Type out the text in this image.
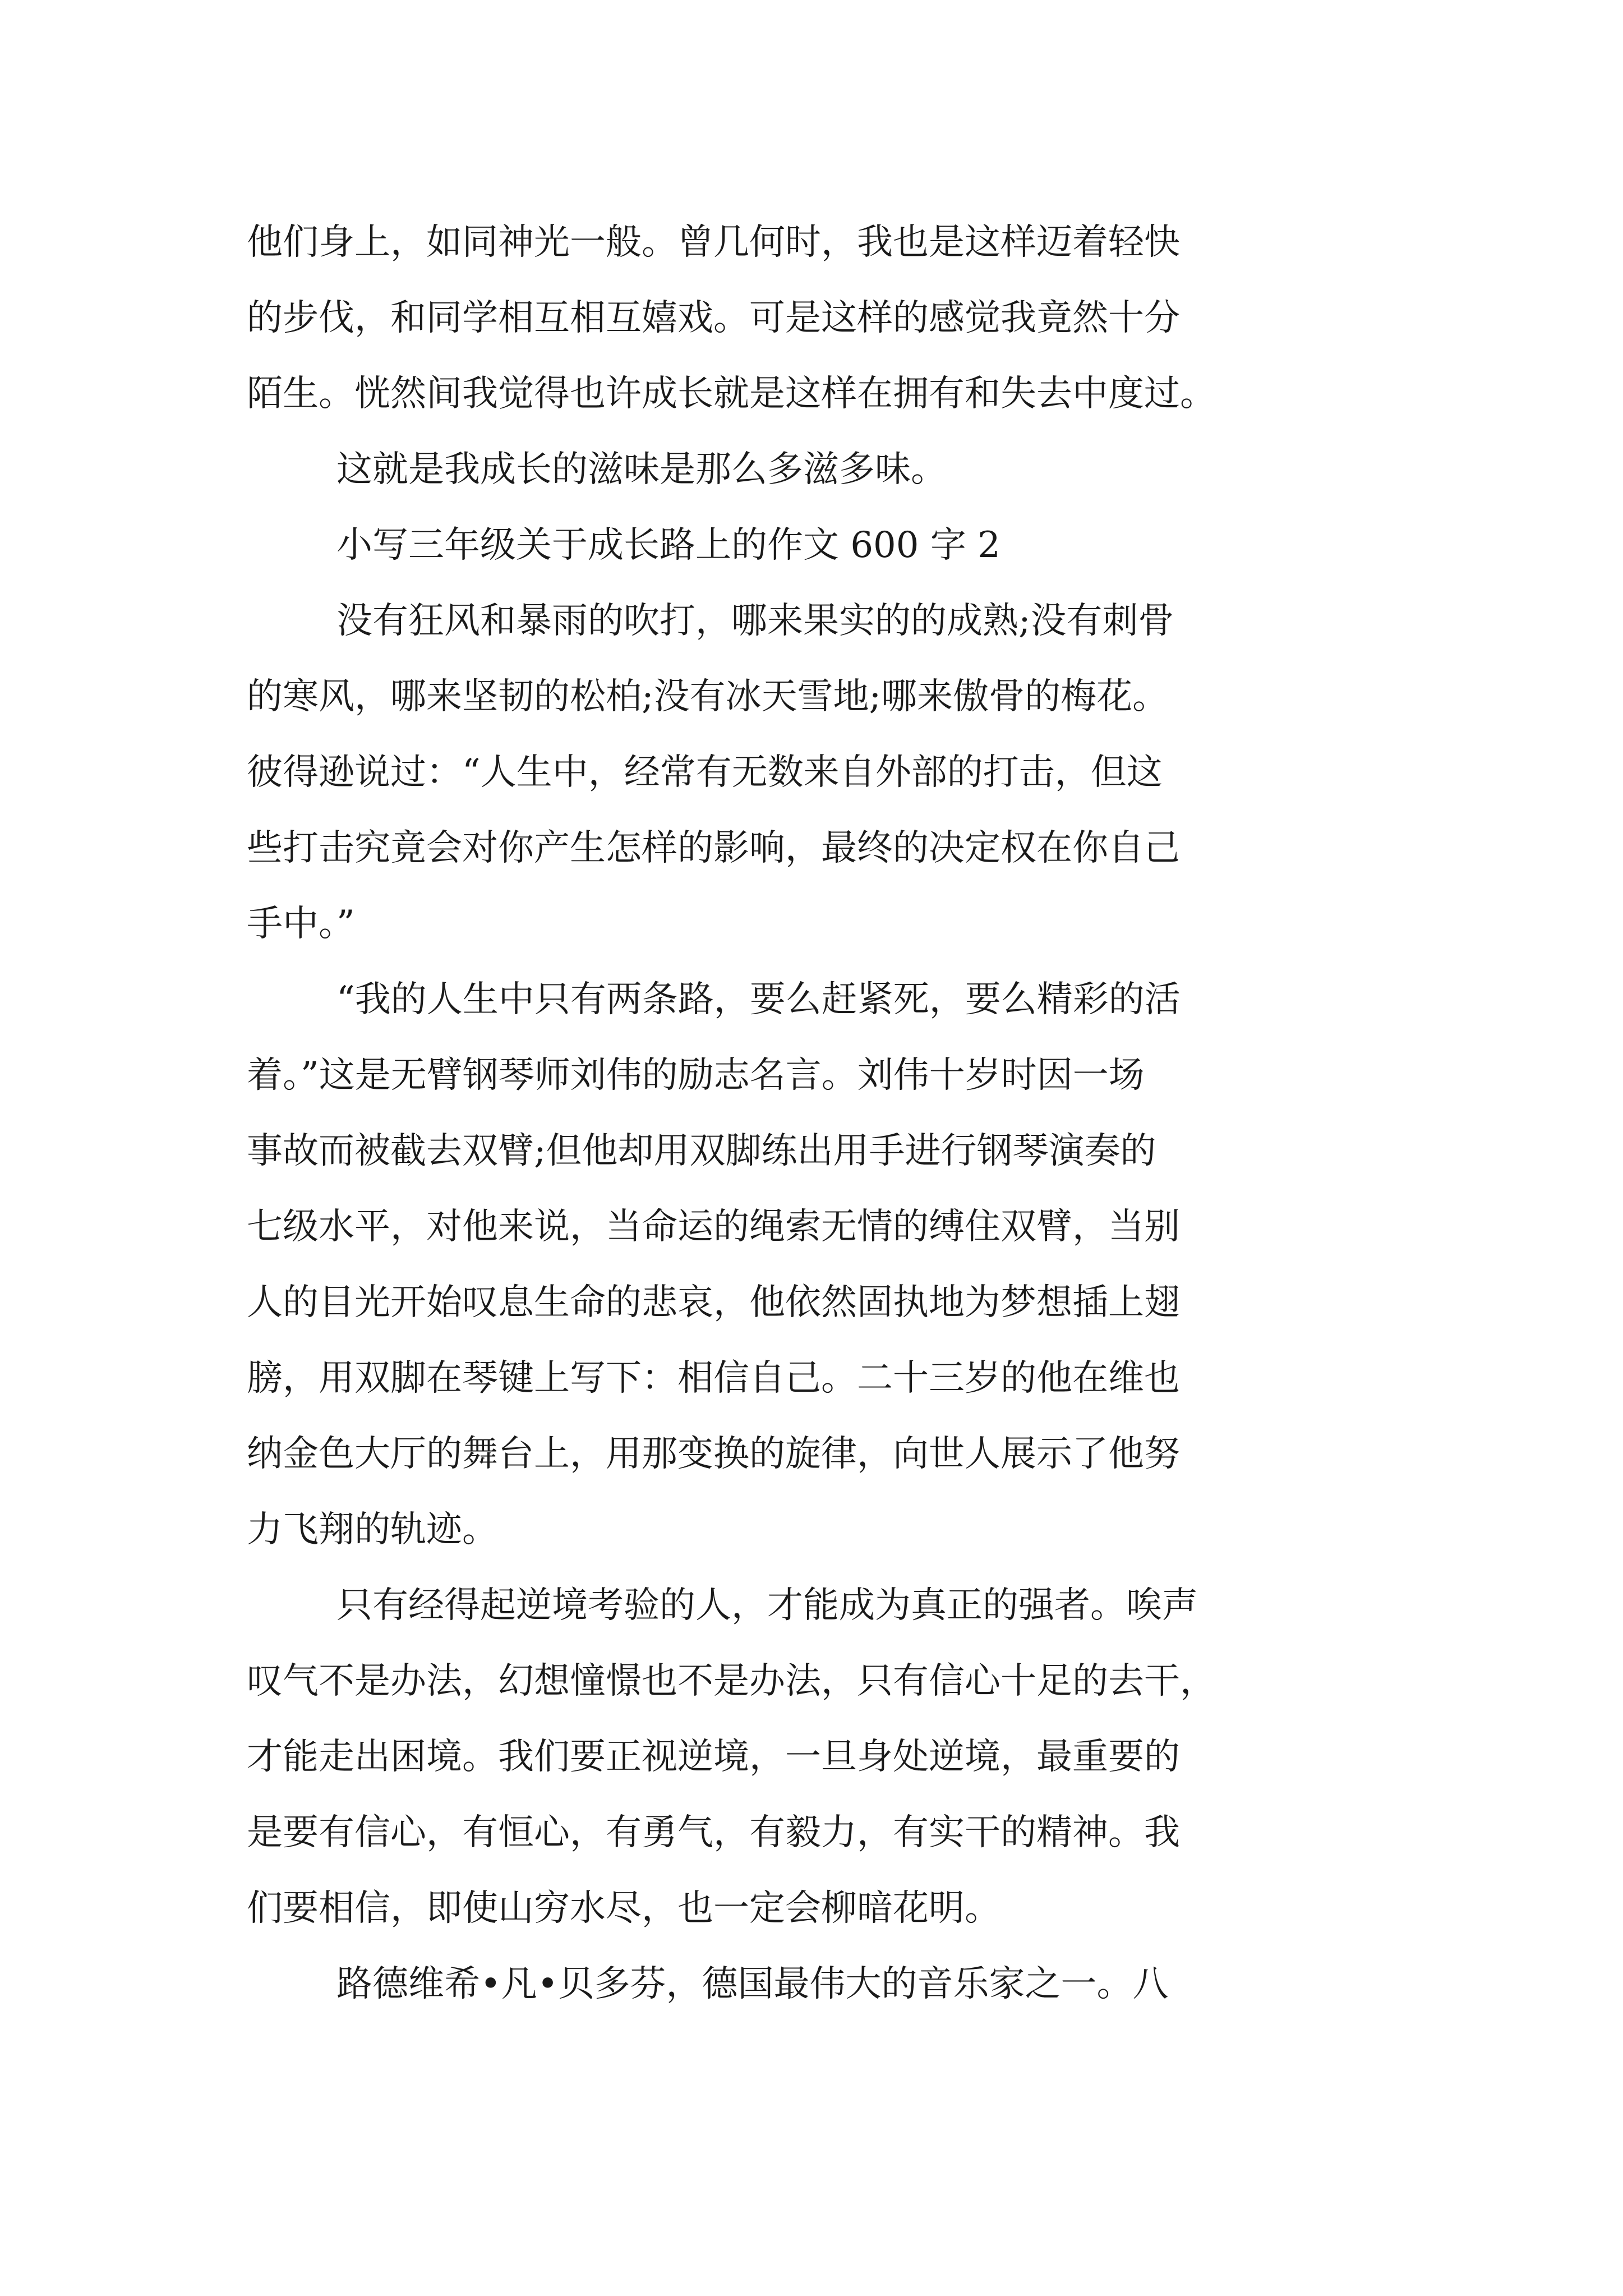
他们身上，如同神光一般。曾几何时，我也是这样迈着轻快
的步伐，和同学相互相互嬉戏。可是这样的感觉我竟然十分
陌生。恍然间我觉得也许成长就是这样在拥有和失去中度过。
这就是我成长的滋味是那么多滋多味。
小写三年级关于成长路上的作文 600 字 2
没有狂风和暴雨的吹打，哪来果实的的成熟;没有刺骨
的寒风，哪来坚韧的松柏;没有冰天雪地;哪来傲骨的梅花。
彼得逊说过：“人生中，经常有无数来自外部的打击，但这
些打击究竟会对你产生怎样的影响，最终的决定权在你自己
手中。”
“我的人生中只有两条路，要么赶紧死，要么精彩的活
着。”这是无臂钢琴师刘伟的励志名言。刘伟十岁时因一场
事故而被截去双臂;但他却用双脚练出用手进行钢琴演奏的
七级水平，对他来说，当命运的绳索无情的缚住双臂，当别
人的目光开始叹息生命的悲哀，他依然固执地为梦想插上翅
膀，用双脚在琴键上写下：相信自己。二十三岁的他在维也
纳金色大厅的舞台上，用那变换的旋律，向世人展示了他努
力飞翔的轨迹。
只有经得起逆境考验的人，才能成为真正的强者。唉声
叹气不是办法，幻想憧憬也不是办法，只有信心十足的去干，
才能走出困境。我们要正视逆境，一旦身处逆境，最重要的
是要有信心，有恒心，有勇气，有毅力，有实干的精神。我
们要相信，即使山穷水尽，也一定会柳暗花明。
路德维希•凡•贝多芬，德国最伟大的音乐家之一。八
